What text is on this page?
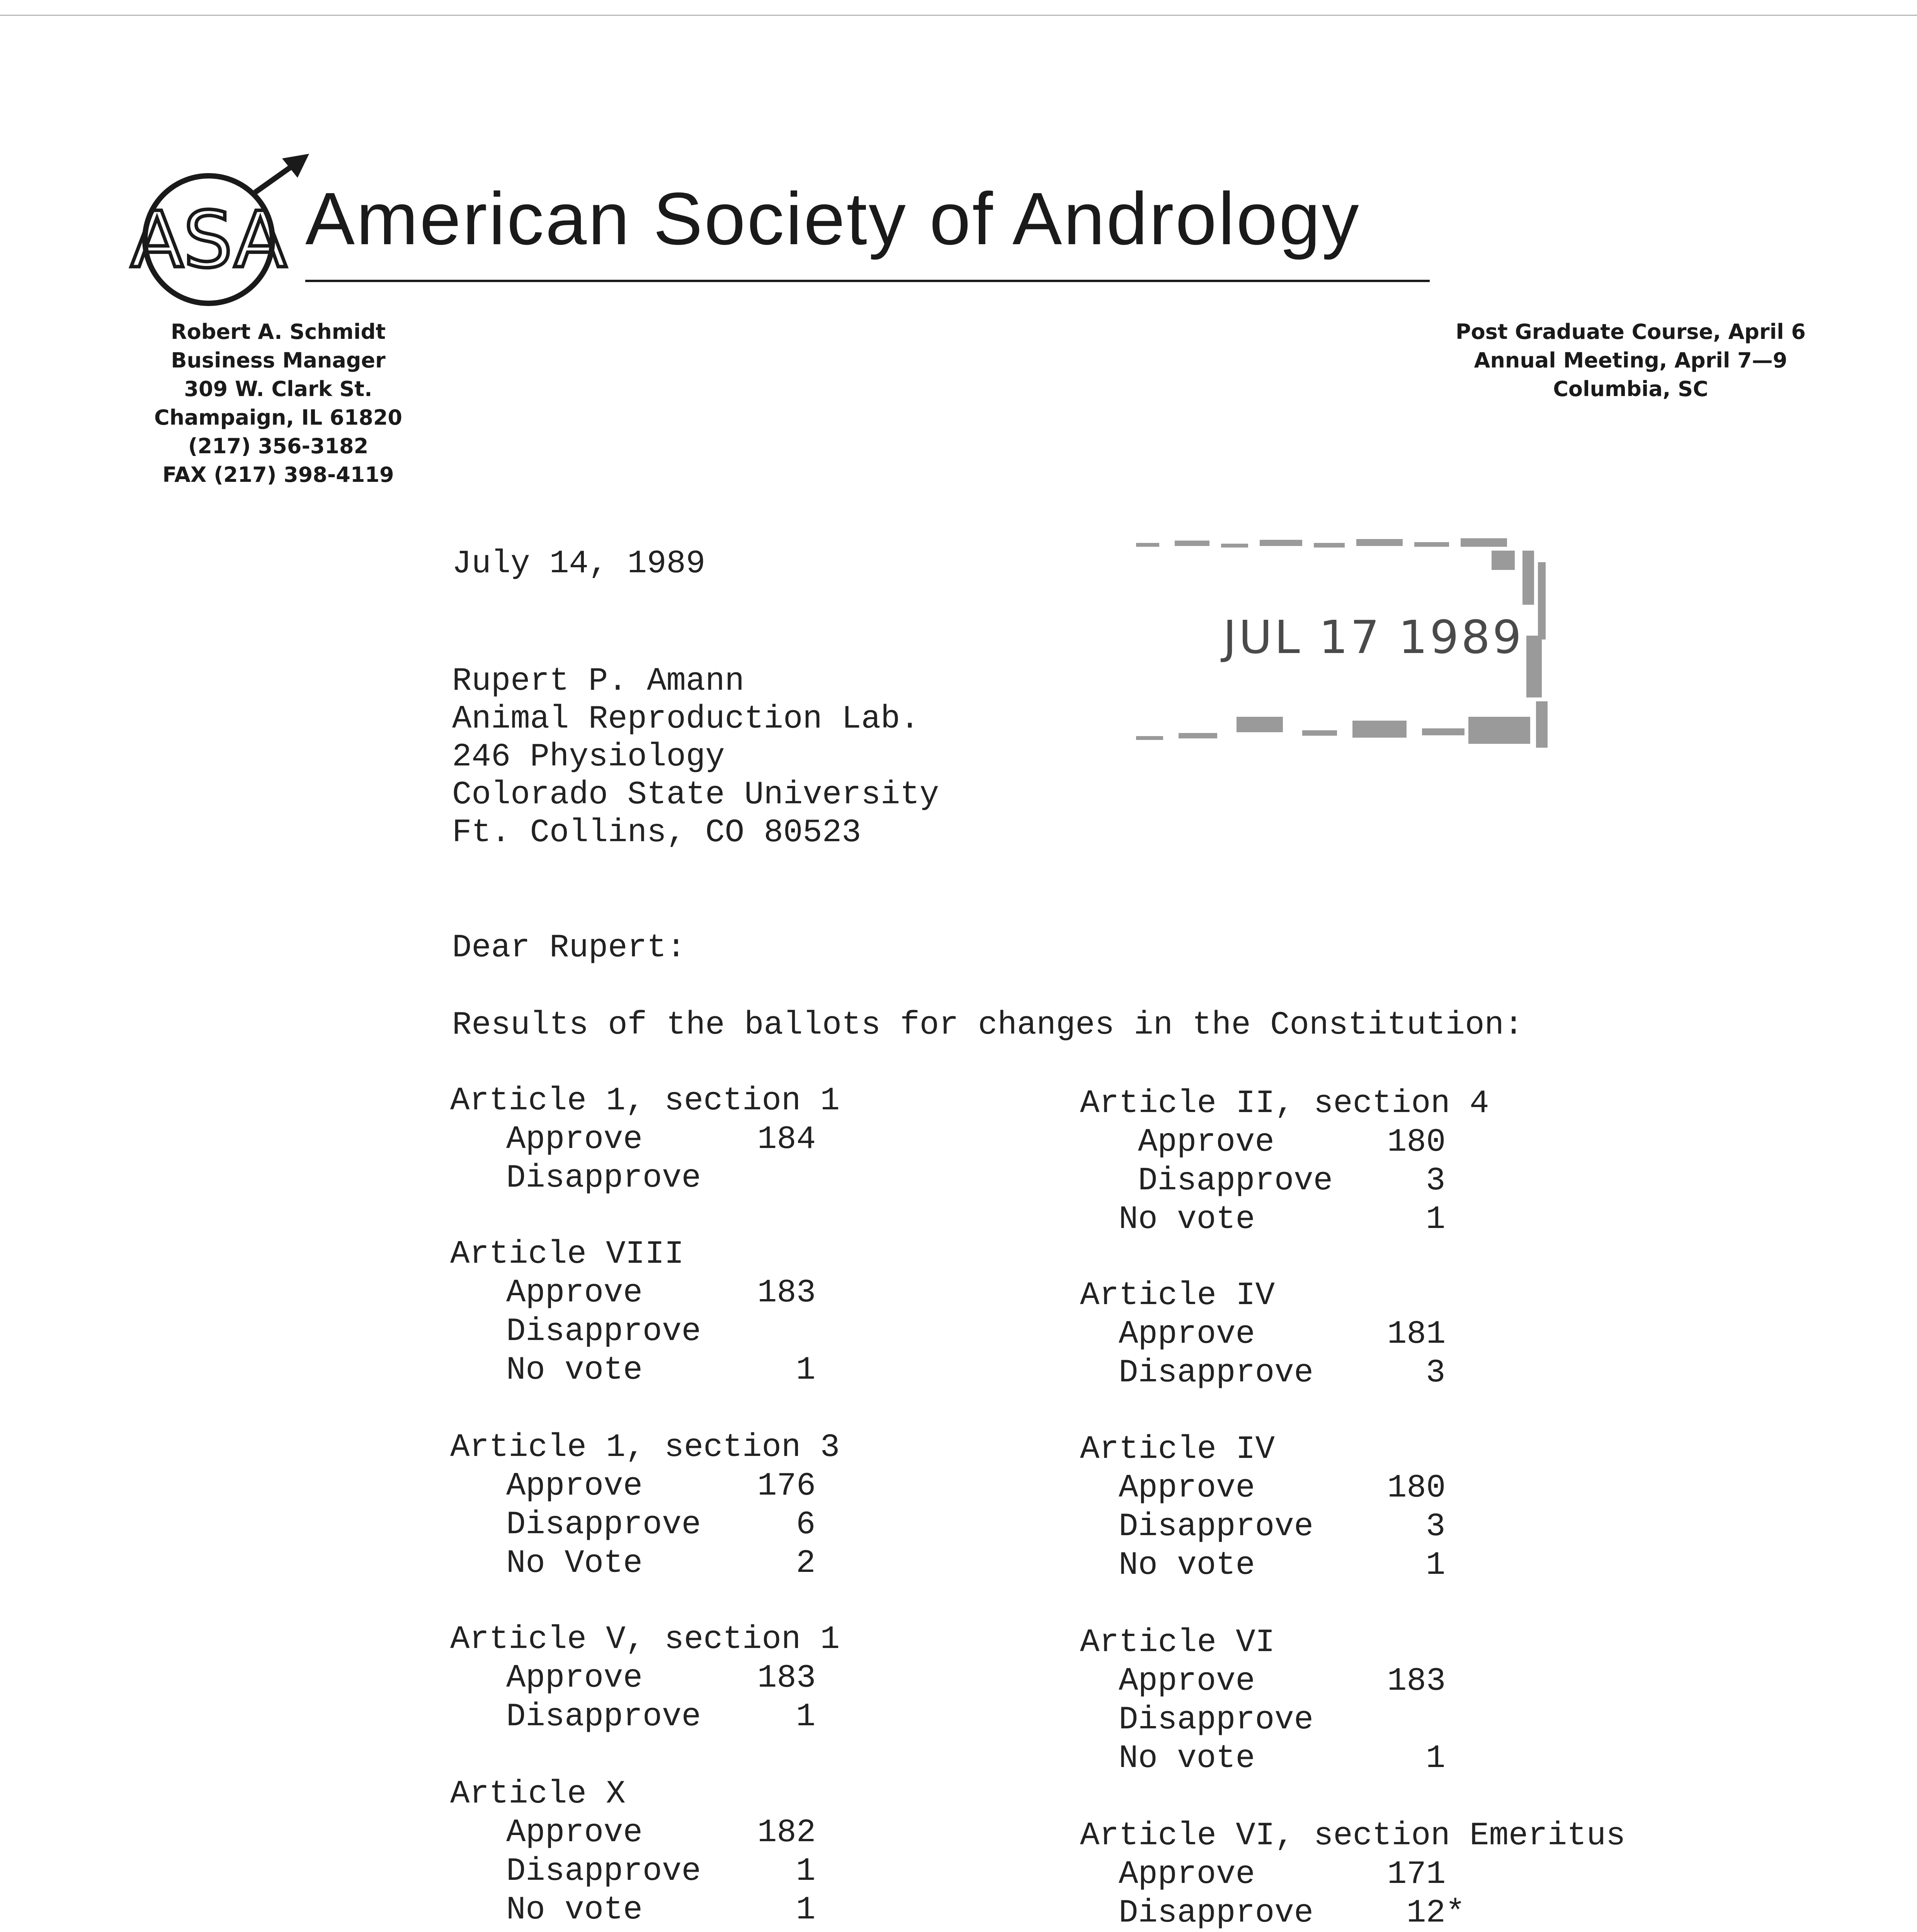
ASA American Society of Andrology
Robert A. Schmidt
Business Manager
309 W. Clark St.
Champaign, IL 61820
(217) 356-3182
FAX (217) 398-4119
Post Graduate Course, April 6
Annual Meeting, April 7—9
Columbia, SC
JUL 17 1989
July 14, 1989
Rupert P. Amann
Animal Reproduction Lab.
246 Physiology
Colorado State University
Ft. Collins, CO 80523
Dear Rupert:
Results of the ballots for changes in the Constitution:
Article 1, section 1
Approve	184
Disapprove
Article VIII
Approve	183
Disapprove
No vote	1
Article 1, section 3
Approve	176
Disapprove	6
No Vote	2
Article V, section 1
Approve	183
Disapprove	1
Article X
Approve	182
Disapprove	1
No vote	1
Article II, section 4
Approve	180
Disapprove	3
No vote	1
Article IV
Approve	181
Disapprove	3
Article IV
Approve	180
Disapprove	3
No vote	1
Article VI
Approve	183
Disapprove
No vote	1
Article VI, section Emeritus
Approve	171
Disapprove	12*
